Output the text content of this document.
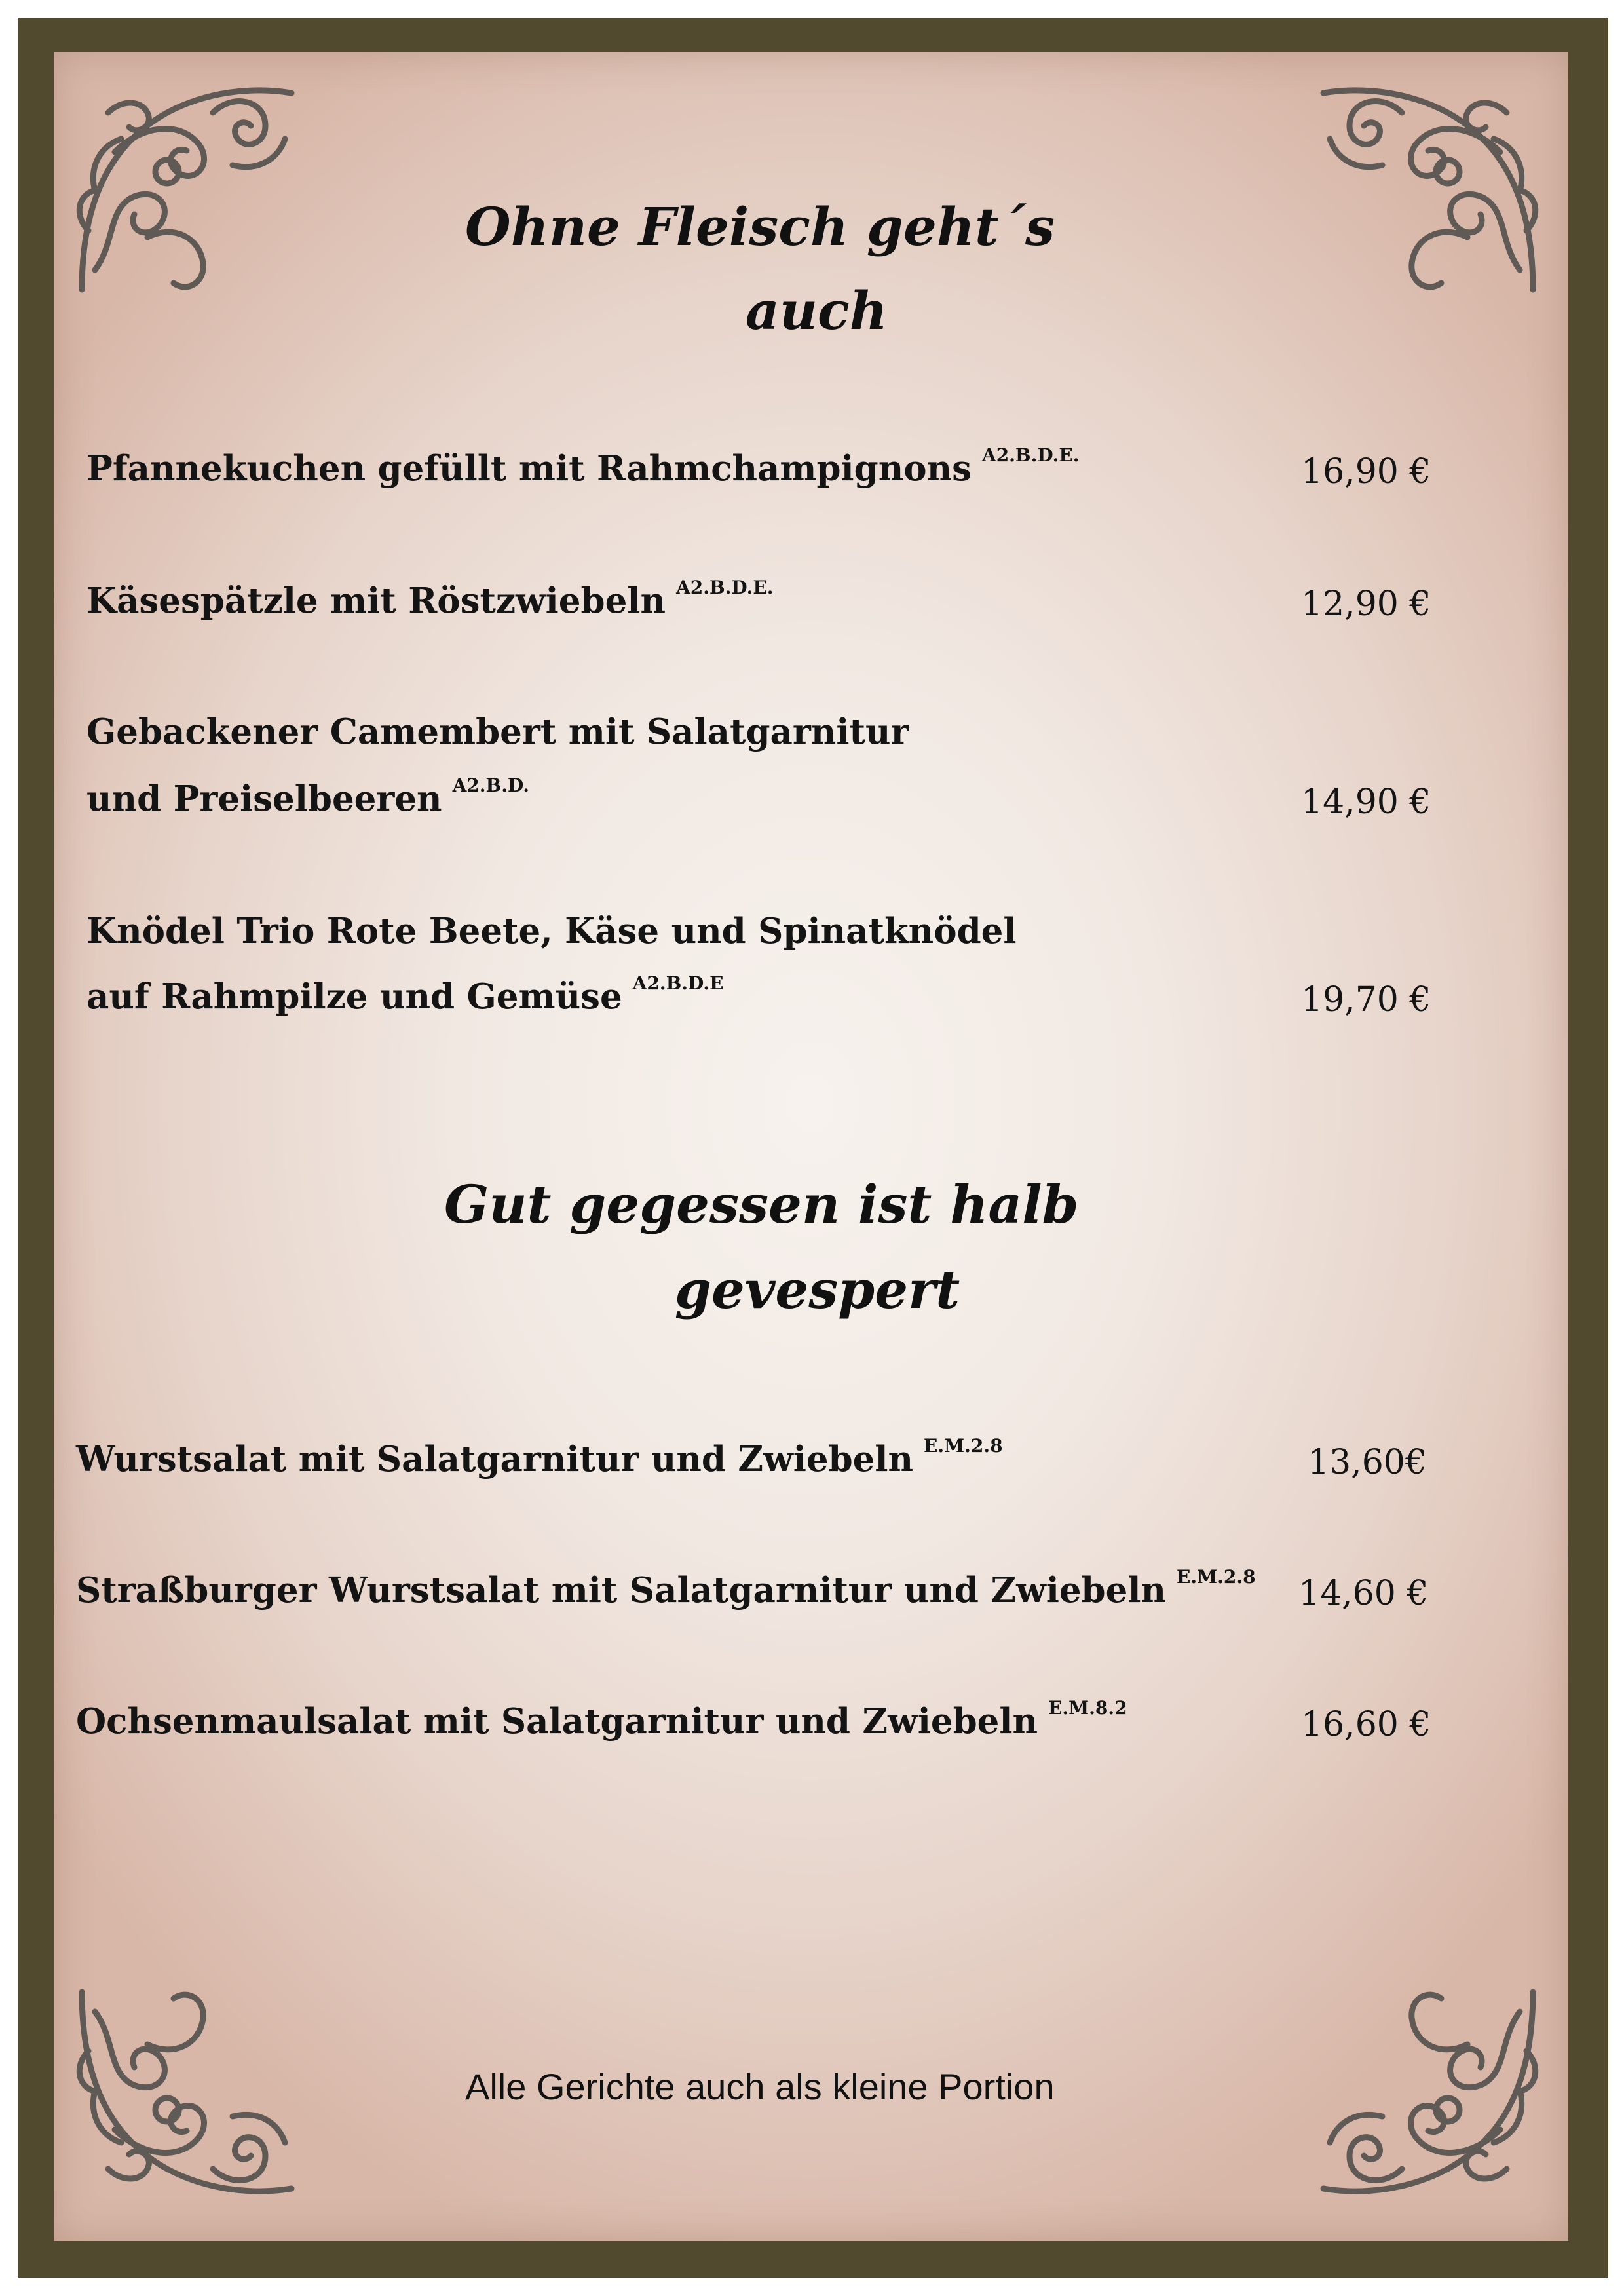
Ohne Fleisch geht´s
auch
Pfannekuchen gefüllt mit Rahmchampignons $^{A2.B.D.E.}$	16,90 €
Käsespätzle mit Röstzwiebeln $^{A2.B.D.E.}$	12,90 €
Gebackener Camembert mit Salatgarnitur
und Preiselbeeren $^{A2.B.D.}$	14,90 €
Knödel Trio Rote Beete, Käse und Spinatknödel
auf Rahmpilze und Gemüse $^{A2.B.D.E}$	19,70 €
Gut gegessen ist halb
gevespert
Wurstsalat mit Salatgarnitur und Zwiebeln $^{E.M.2.8}$	13,60€
Straßburger Wurstsalat mit Salatgarnitur und Zwiebeln $^{E.M.2.8}$ 14,60 €
Ochsenmaulsalat mit Salatgarnitur und Zwiebeln $^{E.M.8.2}$	16,60 €
Alle Gerichte auch als kleine Portion
